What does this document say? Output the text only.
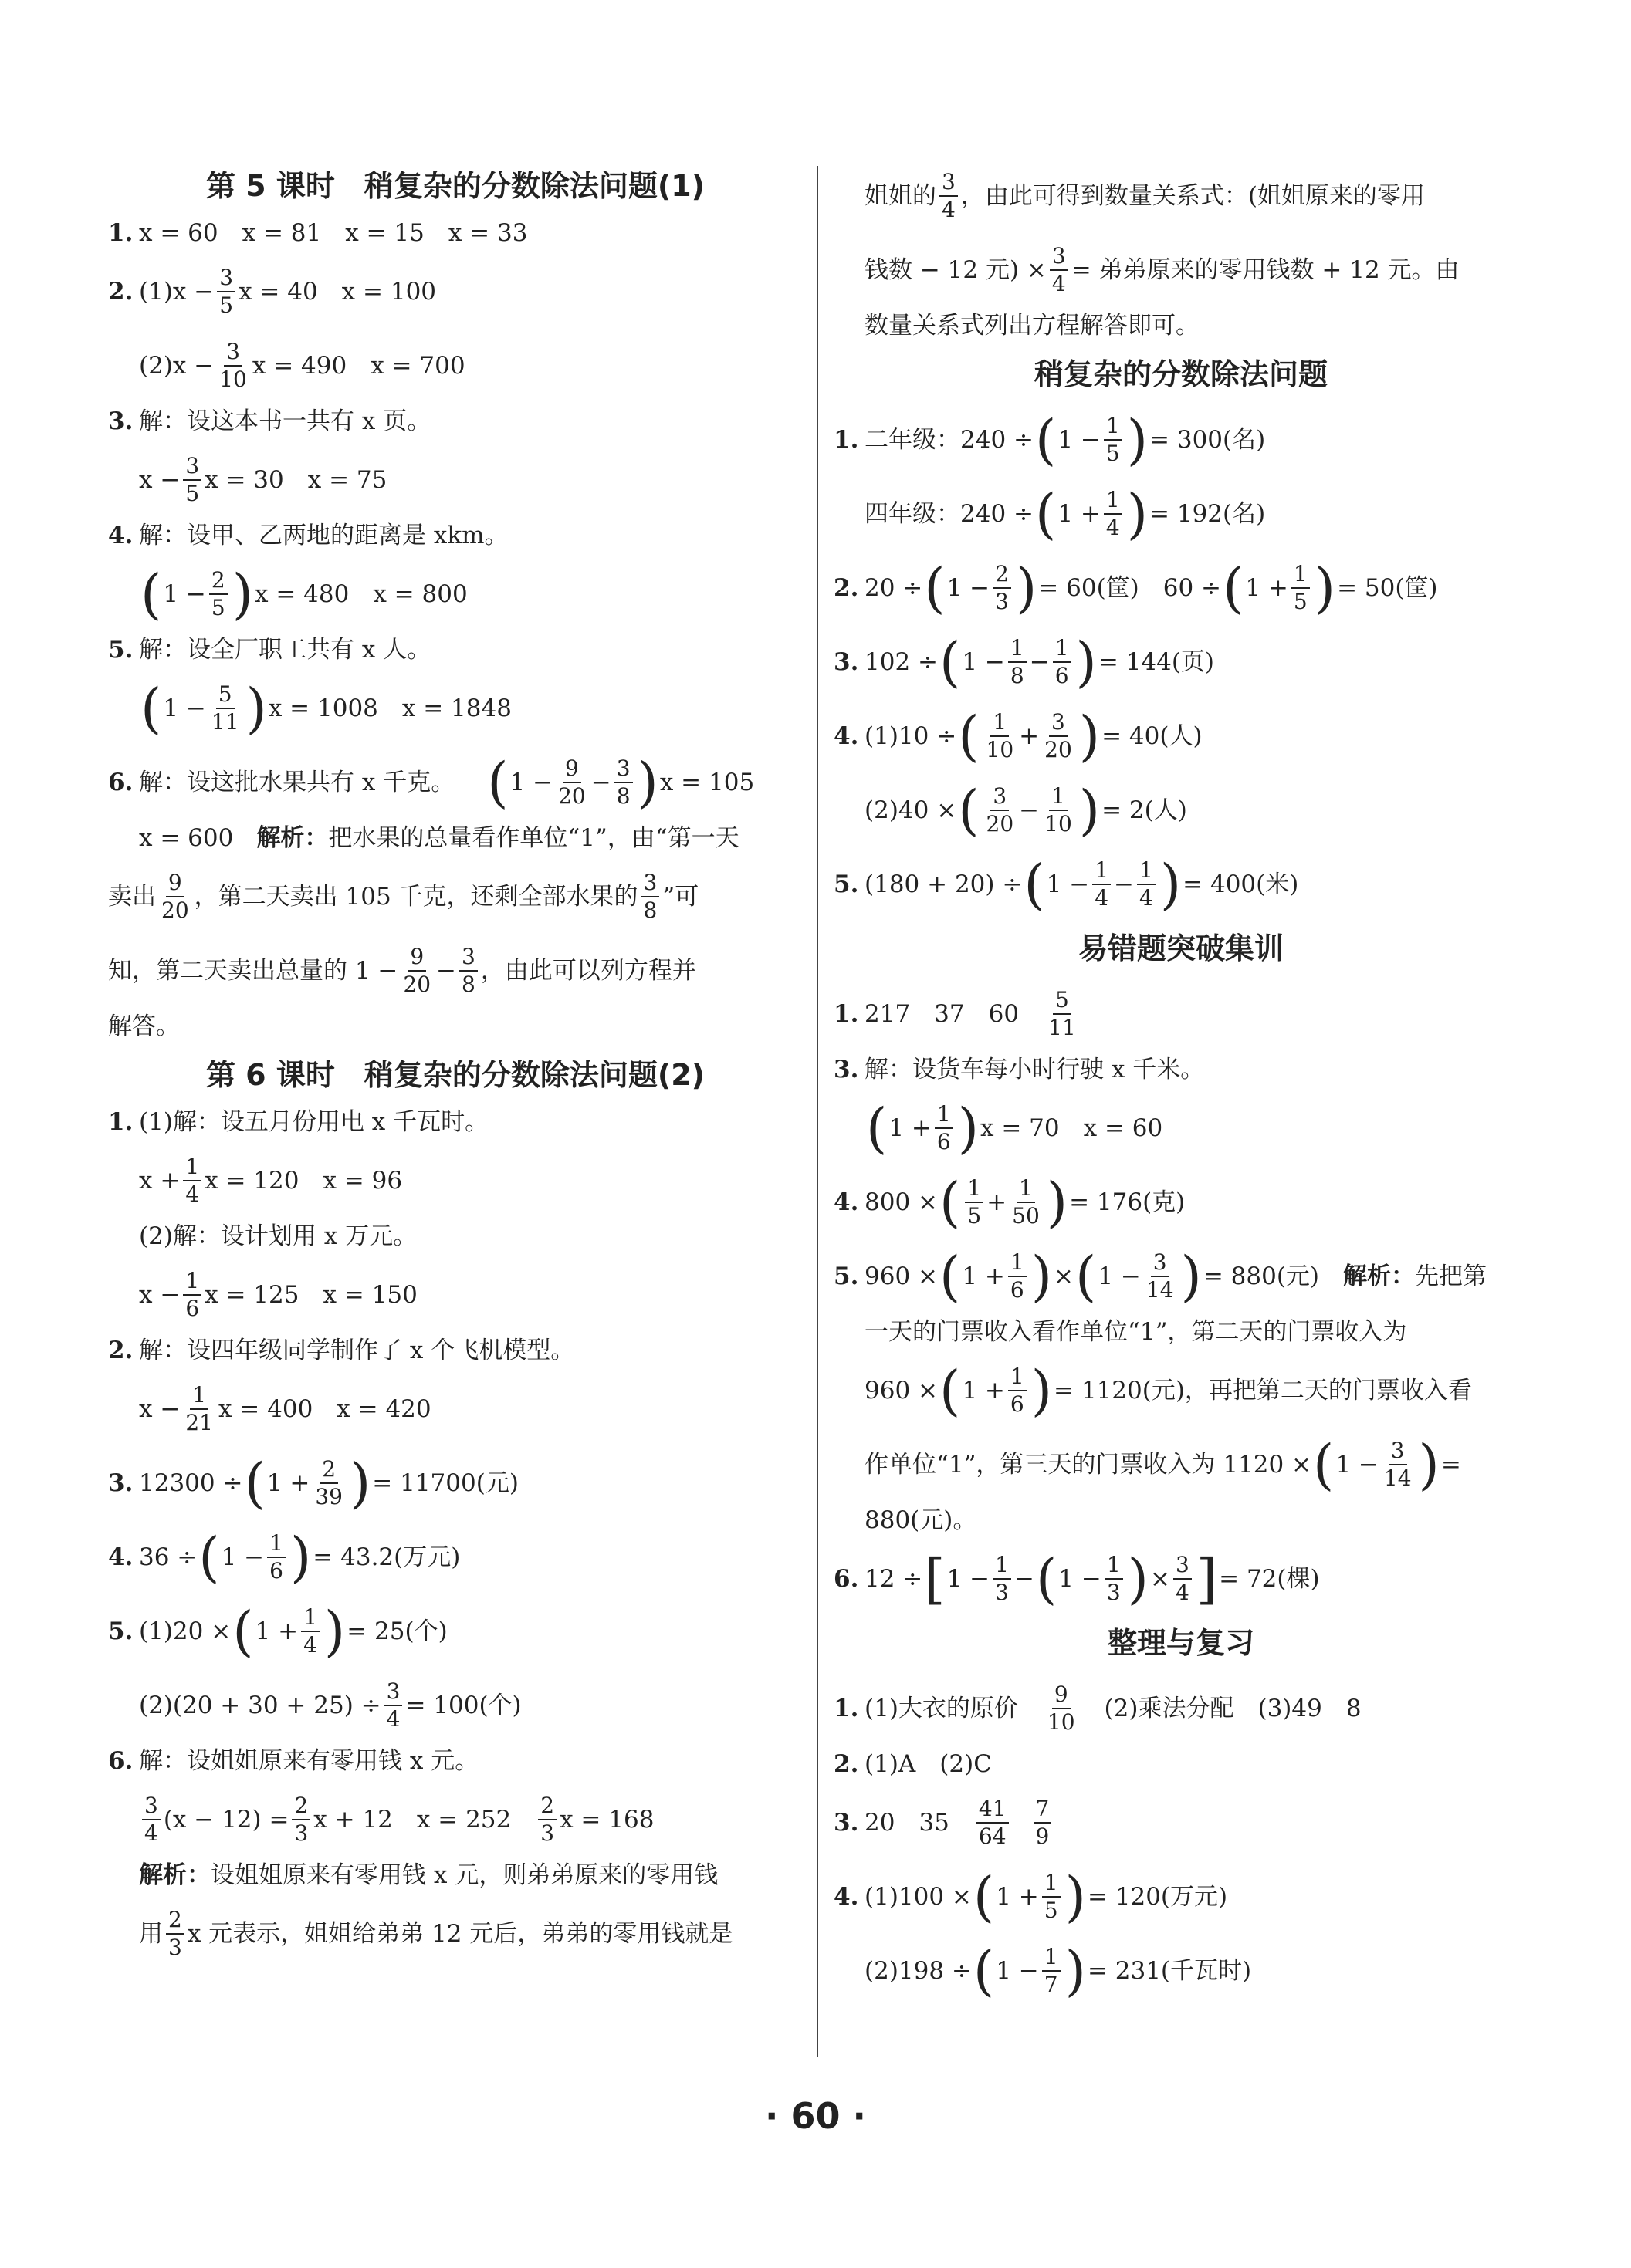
第 5 课时　稍复杂的分数除法问题(1)
1. x = 60　x = 81　x = 15　x = 33
2. $(1)x - \frac{3}{5}$ x = 40　x = 100
$(2)x - \frac{3}{10}$ x = 490　x = 700
3. 解：设这本书一共有 x 页。
$x - \frac{3}{5}$ x = 30　x = 75
4. 解：设甲、乙两地的距离是 xkm。
( $1 - \frac{2}{5}$ ) x = 480　x = 800
5. 解：设全厂职工共有 x 人。
( $1 - \frac{5}{11}$ ) x = 1008　x = 1848
6. 解：设这批水果共有 x 千克。 ( $1 - \frac{9}{20} - \frac{3}{8}$ ) x = 105
x = 600 解析： 把水果的总量看作单位“1”，由“第一天
卖出 $\frac{9}{20}$ ，第二天卖出 105 千克，还剩全部水果的 $\frac{3}{8}$ ”可
知，第二天卖出总量的 $1 - \frac{9}{20} - \frac{3}{8}$ ，由此可以列方程并
解答。
第 6 课时　稍复杂的分数除法问题(2)
1. (1)解：设五月份用电 x 千瓦时。
$x + \frac{1}{4}$ x = 120　x = 96
(2)解：设计划用 x 万元。
$x - \frac{1}{6}$ x = 125　x = 150
2. 解：设四年级同学制作了 x 个飞机模型。
$x - \frac{1}{21}$ x = 400　x = 420
3. 12300 ÷ ( $1 + \frac{2}{39}$ ) = 11700(元)
4. 36 ÷ ( $1 - \frac{1}{6}$ ) = 43.2(万元)
5. (1)20 × ( $1 + \frac{1}{4}$ ) = 25(个)
$(2)(20 + 30 + 25) \div \frac{3}{4} = 100$(个)
6. 解：设姐姐原来有零用钱 x 元。
$\frac{3}{4} (x - 12) = \frac{2}{3}$ x + 12　x = 252　 $\frac{2}{3}$ x = 168
解析： 设姐姐原来有零用钱 x 元，则弟弟原来的零用钱
用 $\frac{2}{3}$ x 元表示，姐姐给弟弟 12 元后，弟弟的零用钱就是
姐姐的 $\frac{3}{4}$ ，由此可得到数量关系式：(姐姐原来的零用
钱数 − 12 元) × $\frac{3}{4}$ = 弟弟原来的零用钱数 + 12 元。由
数量关系式列出方程解答即可。
稍复杂的分数除法问题
1. 二年级：240 ÷ ( $1 - \frac{1}{5}$ ) = 300(名)
四年级：240 ÷ ( $1 + \frac{1}{4}$ ) = 192(名)
2. 20 ÷ ( $1 - \frac{2}{3}$ ) = 60(筐)　60 ÷ ( $1 + \frac{1}{5}$ ) = 50(筐)
3. 102 ÷ ( $1 - \frac{1}{8} - \frac{1}{6}$ ) = 144(页)
4. (1)10 ÷ ( $\frac{1}{10} + \frac{3}{20}$ ) = 40(人)
(2)40 × ( $\frac{3}{20} - \frac{1}{10}$ ) = 2(人)
5. (180 + 20) ÷ ( $1 - \frac{1}{4} - \frac{1}{4}$ ) = 400(米)
易错题突破集训
1. 217　37　60　 $\frac{5}{11}$
3. 解：设货车每小时行驶 x 千米。
( $1 + \frac{1}{6}$ ) x = 70　x = 60
4. 800 × ( $\frac{1}{5} + \frac{1}{50}$ ) = 176(克)
5. 960 × ( $1 + \frac{1}{6}$ ) × ( $1 - \frac{3}{14}$ ) = 880(元)　 解析： 先把第
一天的门票收入看作单位“1”，第二天的门票收入为
960 × ( $1 + \frac{1}{6}$ ) = 1120(元)，再把第二天的门票收入看
作单位“1”，第三天的门票收入为 1120 × ( $1 - \frac{3}{14}$ ) =
880(元)。
6. 12 ÷ [ $1 - \frac{1}{3}$ − ( $1 - \frac{1}{3}$ ) × $\frac{3}{4}$ ] = 72(棵)
整理与复习
1. (1)大衣的原价　 $\frac{9}{10}$ 　(2)乘法分配　(3)49　8
2. (1)A　(2)C
3. 20　35　 $\frac{41}{64} \frac{7}{9}$
4. (1)100 × ( $1 + \frac{1}{5}$ ) = 120(万元)
(2)198 ÷ ( $1 - \frac{1}{7}$ ) = 231(千瓦时)
· 60 ·
